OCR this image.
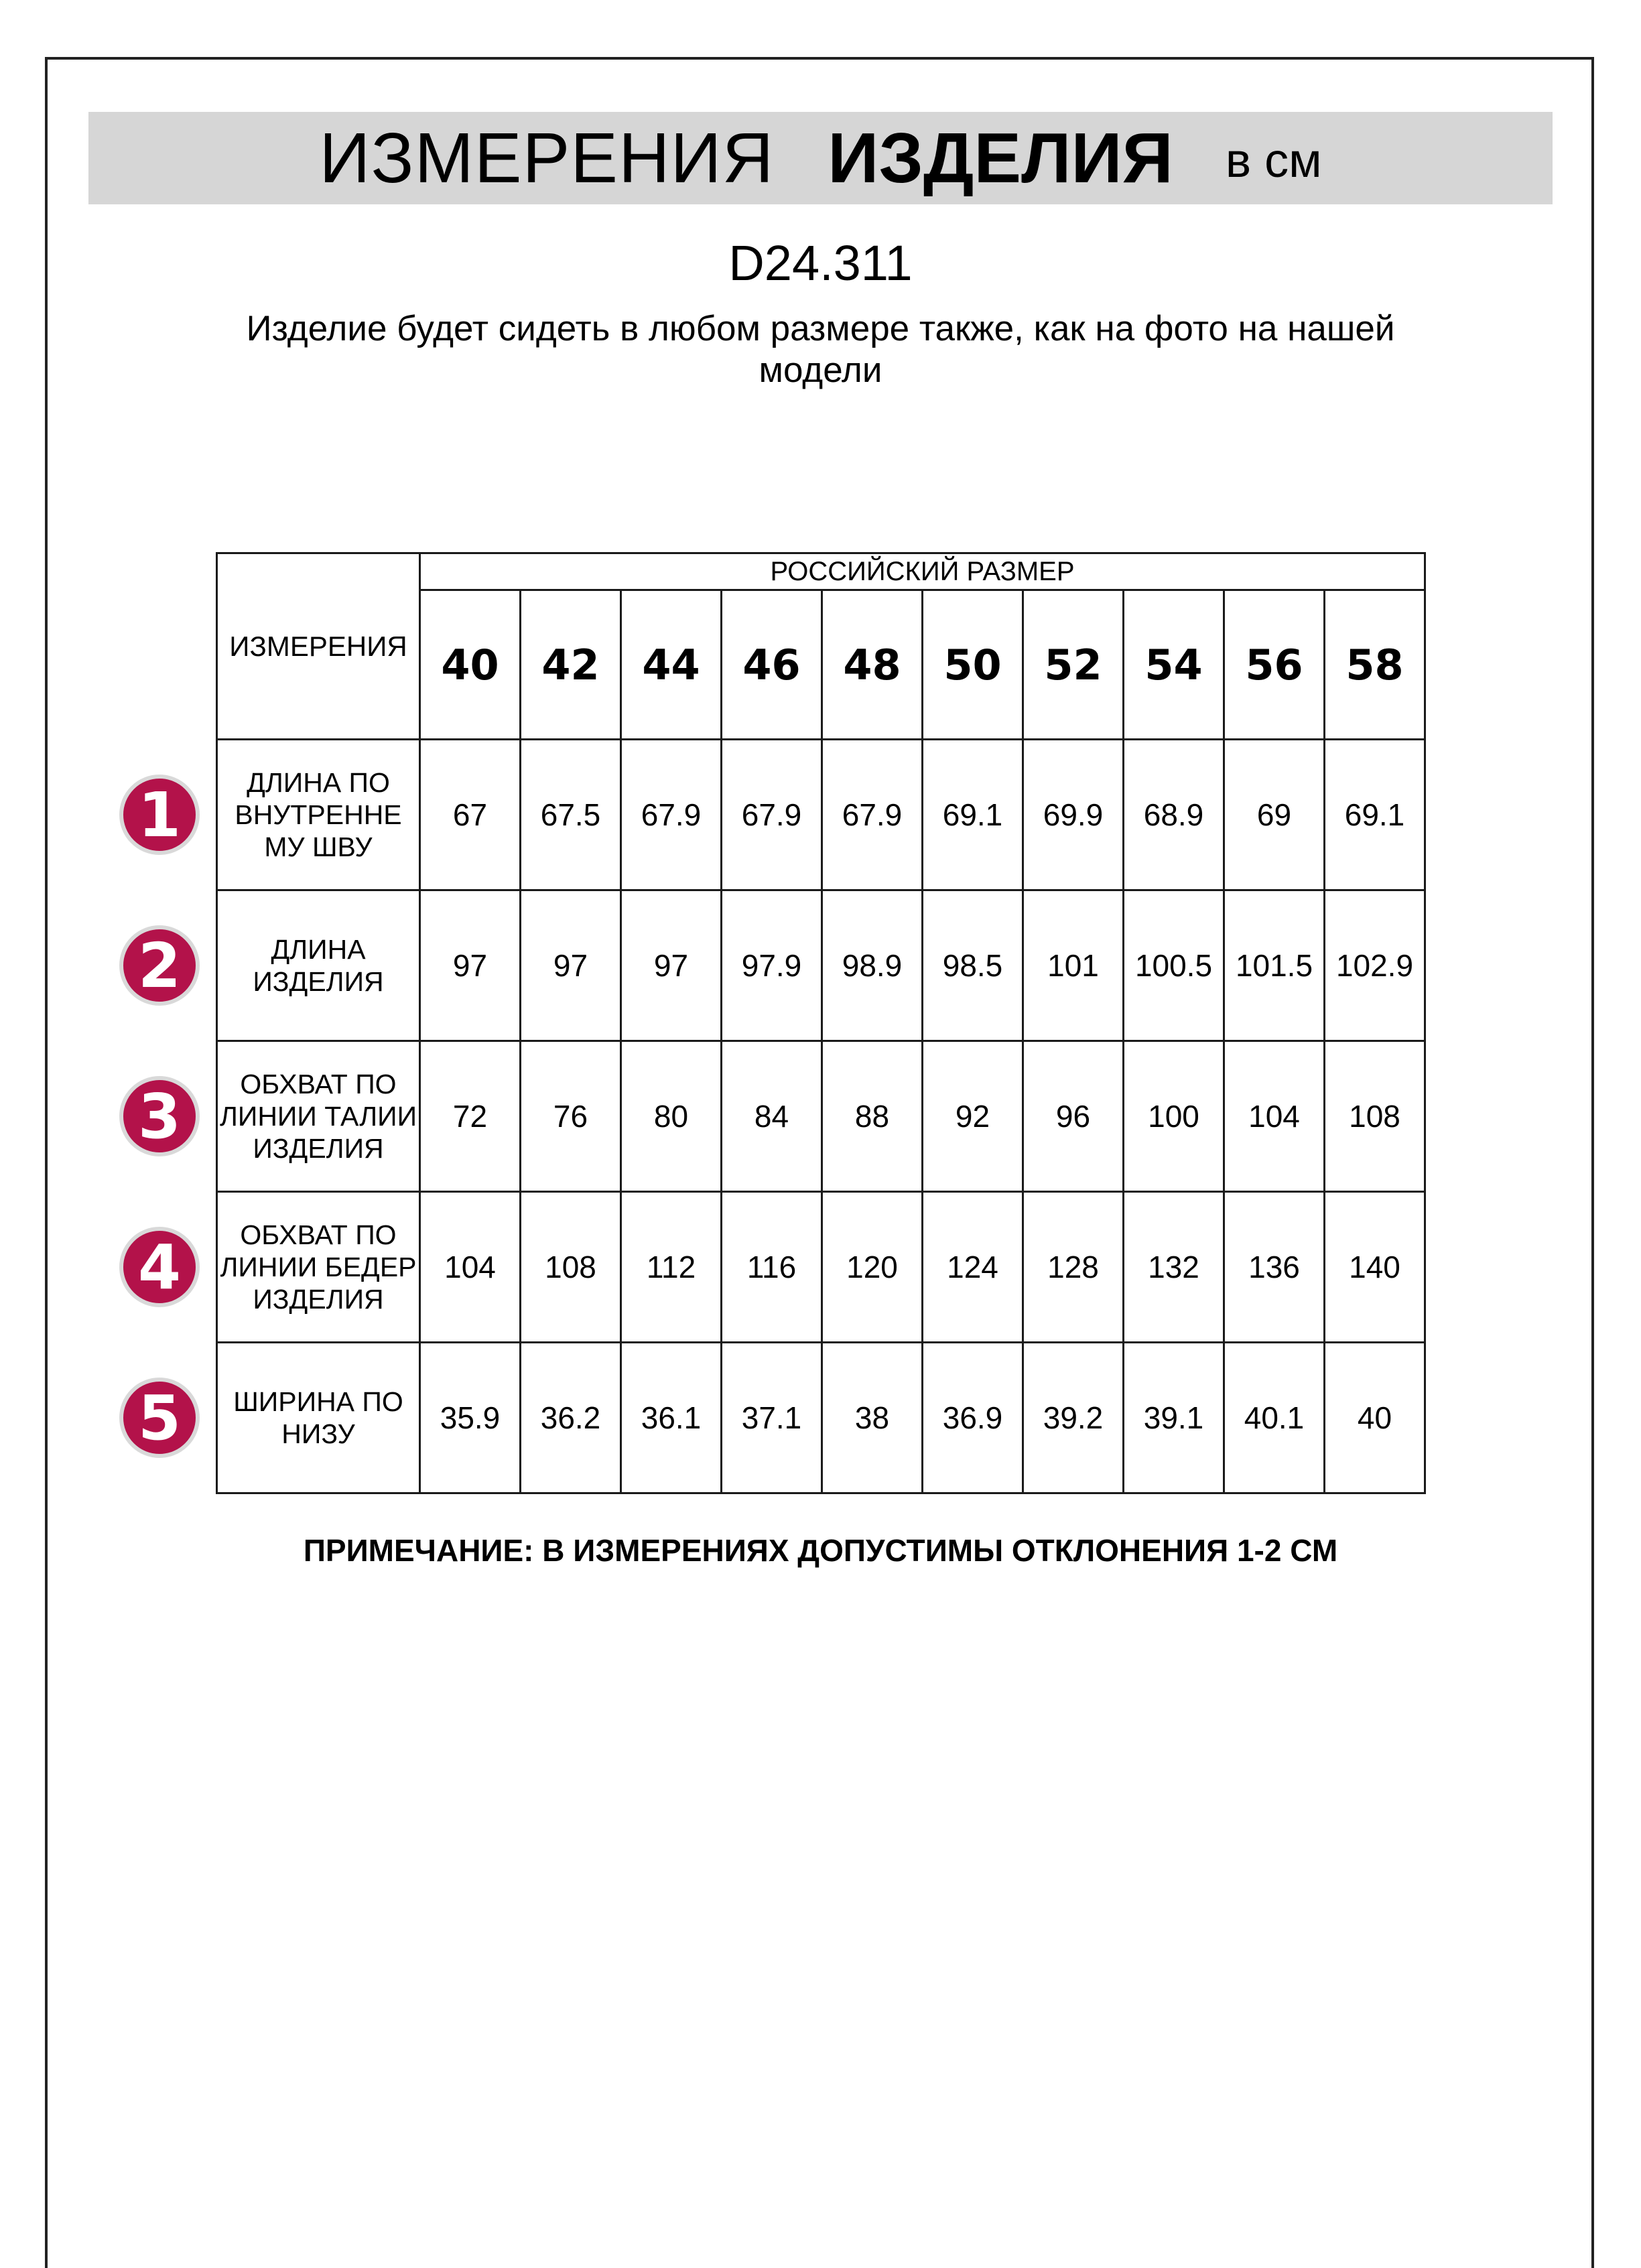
ИЗМЕРЕНИЯ ИЗДЕЛИЯ в см
D24.311
Изделие будет сидеть в любом размере также, как на фото на нашей модели
ИЗМЕРЕНИЯ	РОССИЙСКИЙ РАЗМЕР									
	40	42	44	46	48	50	52	54	56	58
ДЛИНА ПО ВНУТРЕННЕ МУ ШВУ	67	67.5	67.9	67.9	67.9	69.1	69.9	68.9	69	69.1
ДЛИНА ИЗДЕЛИЯ	97	97	97	97.9	98.9	98.5	101	100.5	101.5	102.9
ОБХВАТ ПО ЛИНИИ ТАЛИИ ИЗДЕЛИЯ	72	76	80	84	88	92	96	100	104	108
ОБХВАТ ПО ЛИНИИ БЕДЕР ИЗДЕЛИЯ	104	108	112	116	120	124	128	132	136	140
ШИРИНА ПО НИЗУ	35.9	36.2	36.1	37.1	38	36.9	39.2	39.1	40.1	40
1
2
3
4
5
ПРИМЕЧАНИЕ: В ИЗМЕРЕНИЯХ ДОПУСТИМЫ ОТКЛОНЕНИЯ 1-2 СМ
